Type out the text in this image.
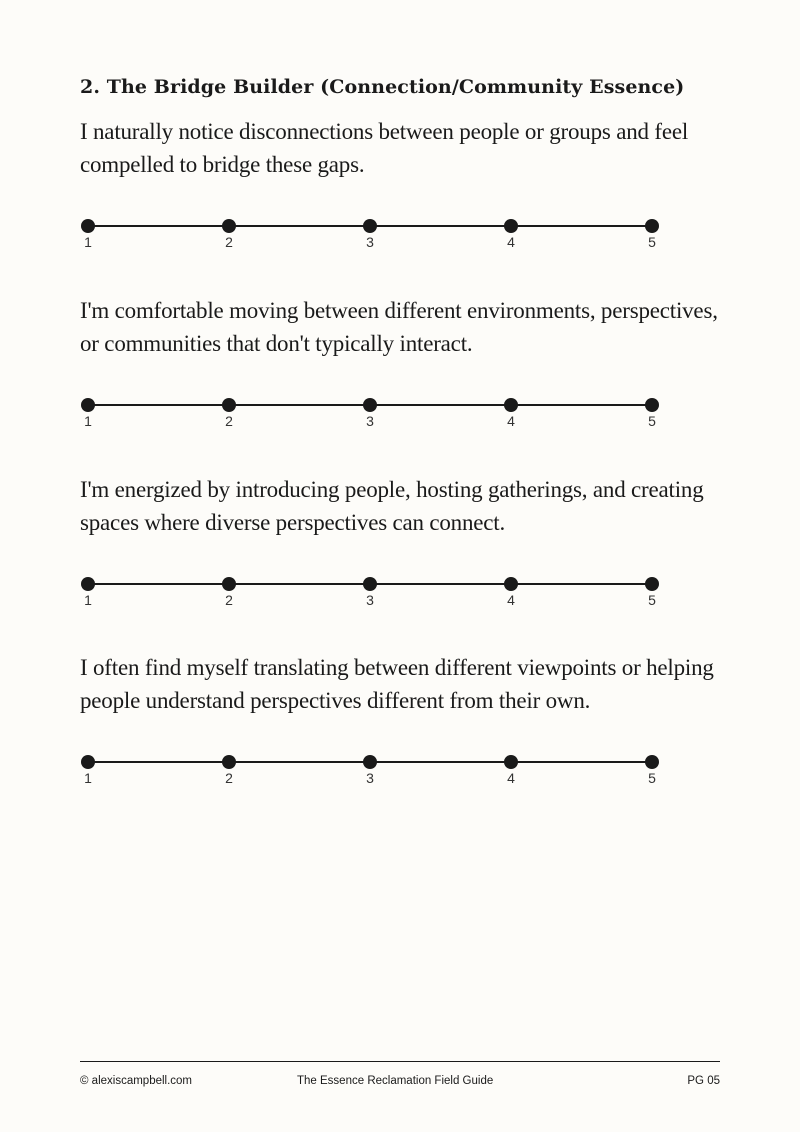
2. The Bridge Builder (Connection/Community Essence)
I naturally notice disconnections between people or groups and feel compelled to bridge these gaps.
1	2	3	4	5
I'm comfortable moving between different environments, perspectives, or communities that don't typically interact.
1	2	3	4	5
I'm energized by introducing people, hosting gatherings, and creating spaces where diverse perspectives can connect.
1	2	3	4	5
I often find myself translating between different viewpoints or helping people understand perspectives different from their own.
1	2	3	4	5
© alexiscampbell.com	The Essence Reclamation Field Guide	PG 05
